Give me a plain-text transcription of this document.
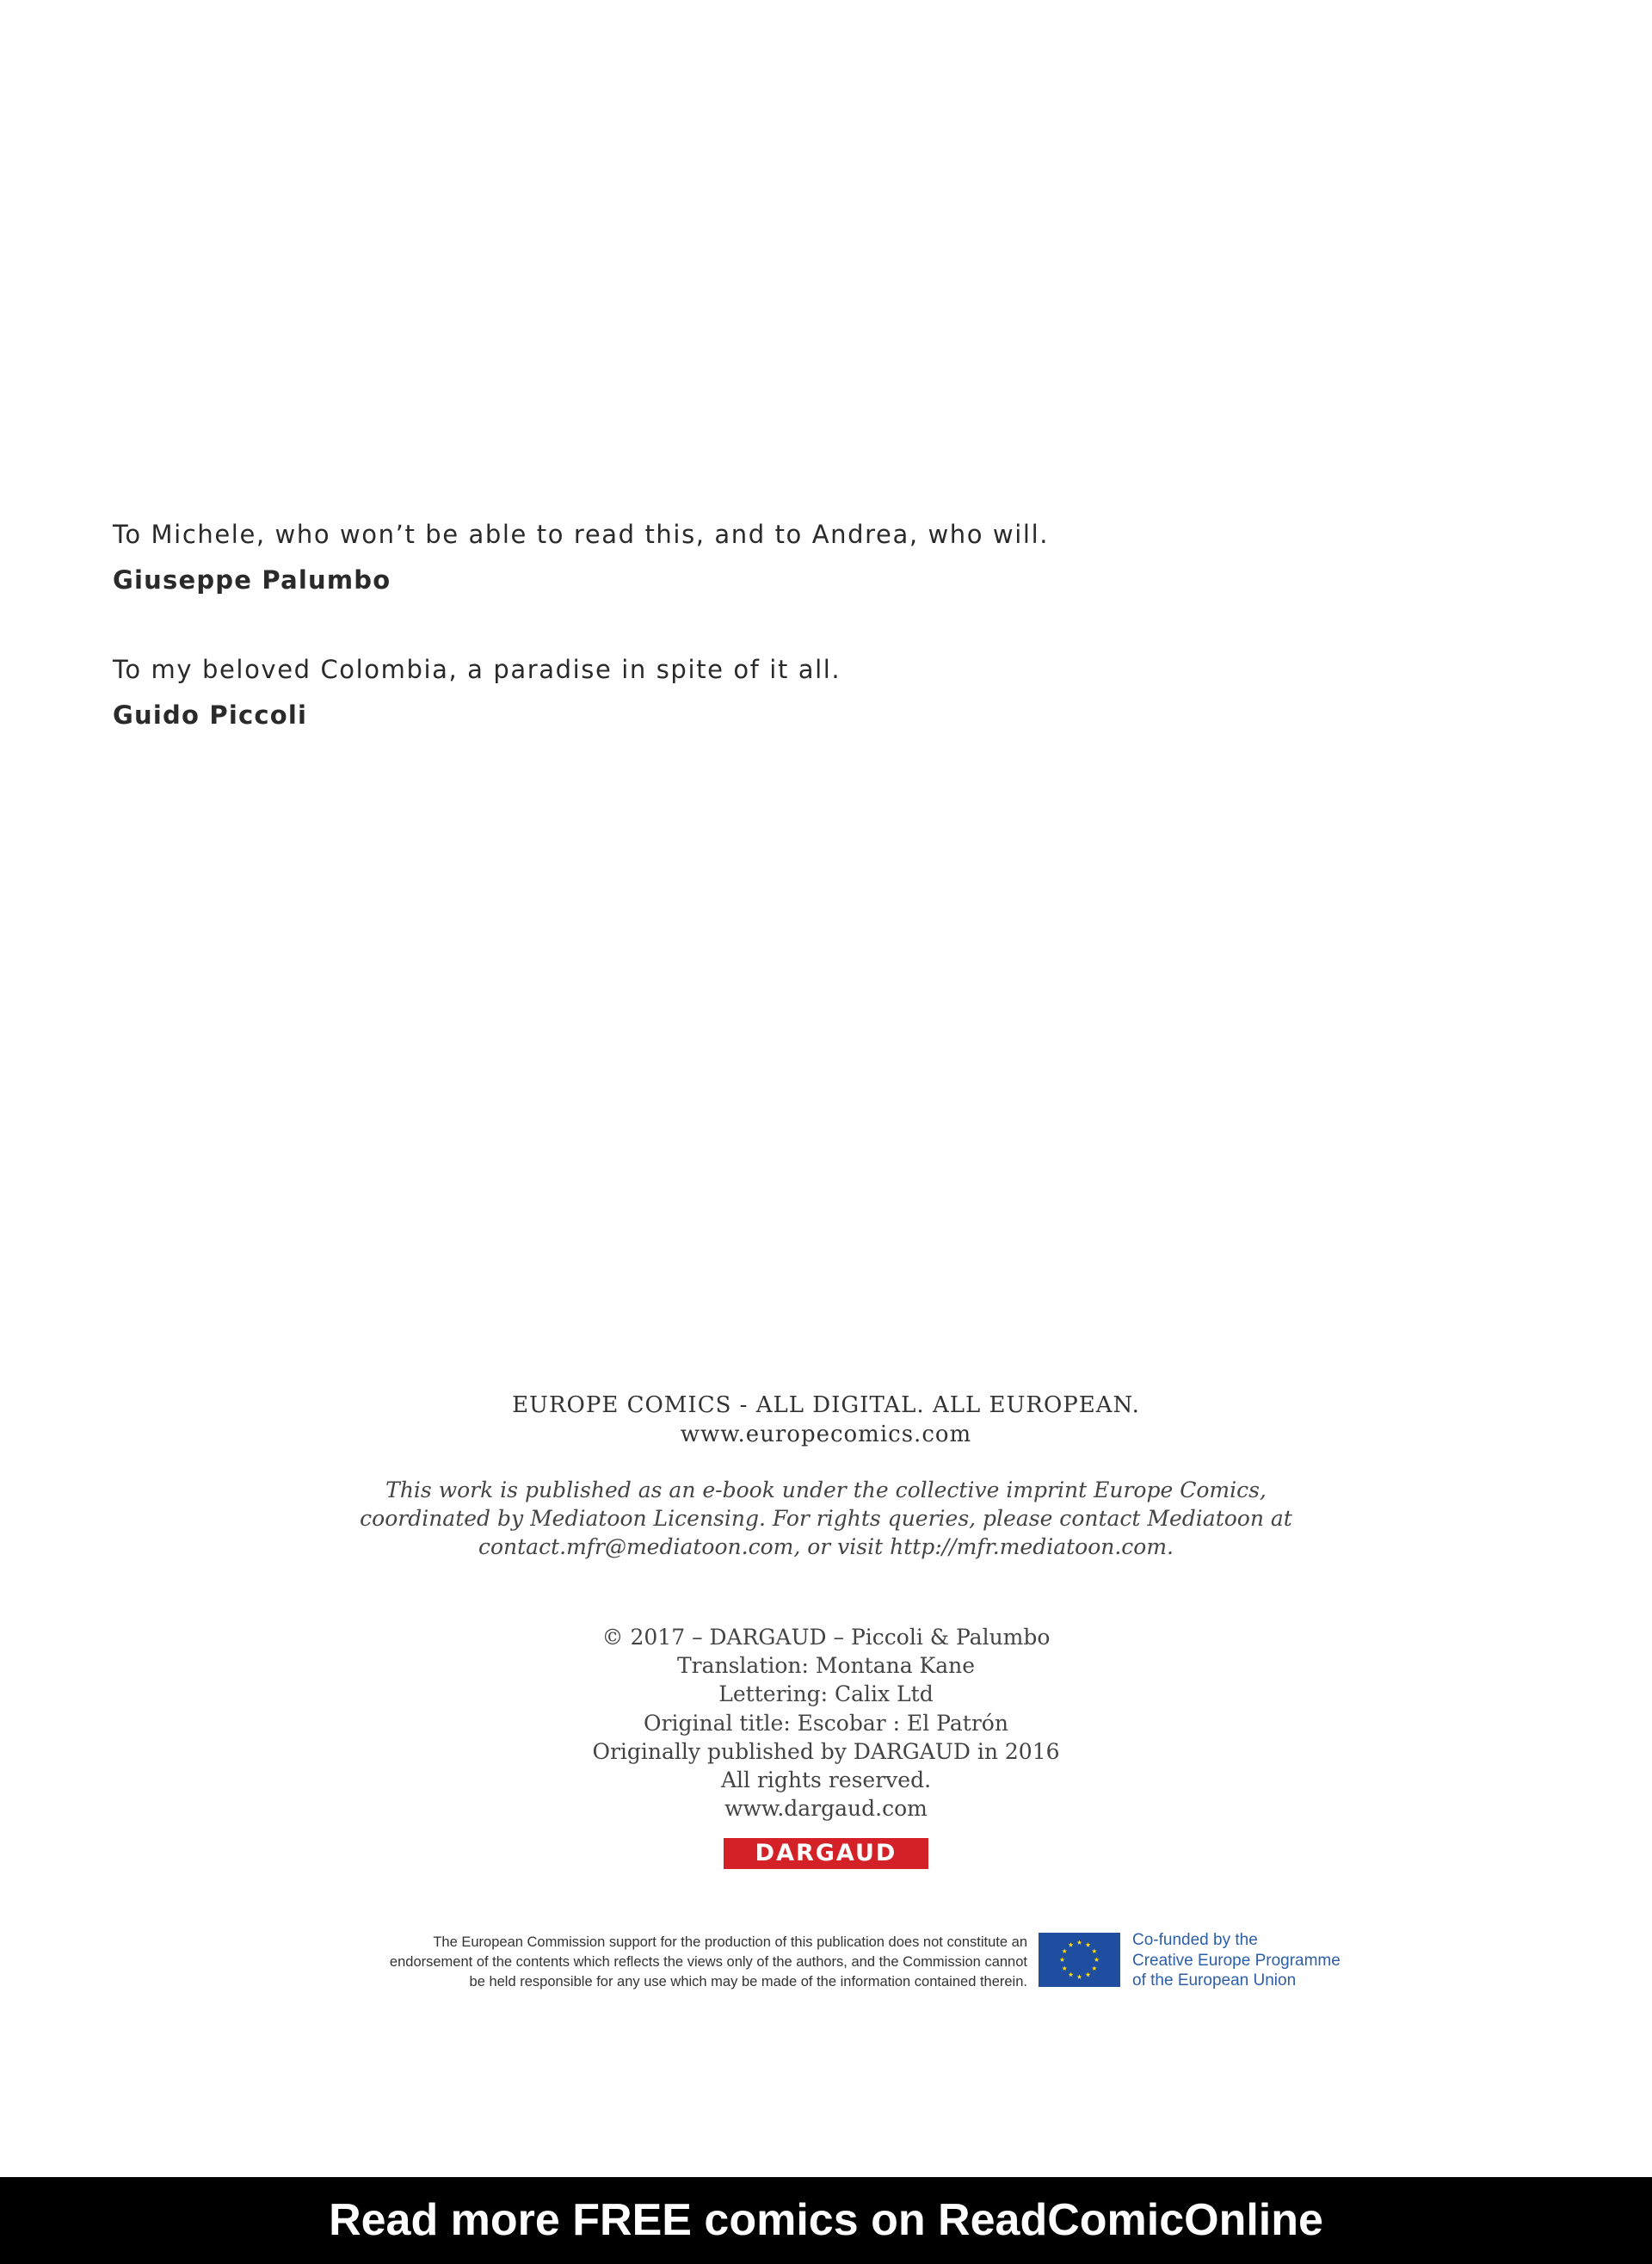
To Michele, who won’t be able to read this, and to Andrea, who will.
Giuseppe Palumbo
To my beloved Colombia, a paradise in spite of it all.
Guido Piccoli
EUROPE COMICS - ALL DIGITAL. ALL EUROPEAN.
www.europecomics.com
This work is published as an e-book under the collective imprint Europe Comics,
coordinated by Mediatoon Licensing. For rights queries, please contact Mediatoon at
contact.mfr@mediatoon.com, or visit http://mfr.mediatoon.com.
© 2017 – DARGAUD – Piccoli & Palumbo
Translation: Montana Kane
Lettering: Calix Ltd
Original title: Escobar : El Patrón
Originally published by DARGAUD in 2016
All rights reserved.
www.dargaud.com
DARGAUD
The European Commission support for the production of this publication does not constitute an
endorsement of the contents which reflects the views only of the authors, and the Commission cannot
be held responsible for any use which may be made of the information contained therein.
Co-funded by the
Creative Europe Programme
of the European Union
Read more FREE comics on ReadComicOnline
